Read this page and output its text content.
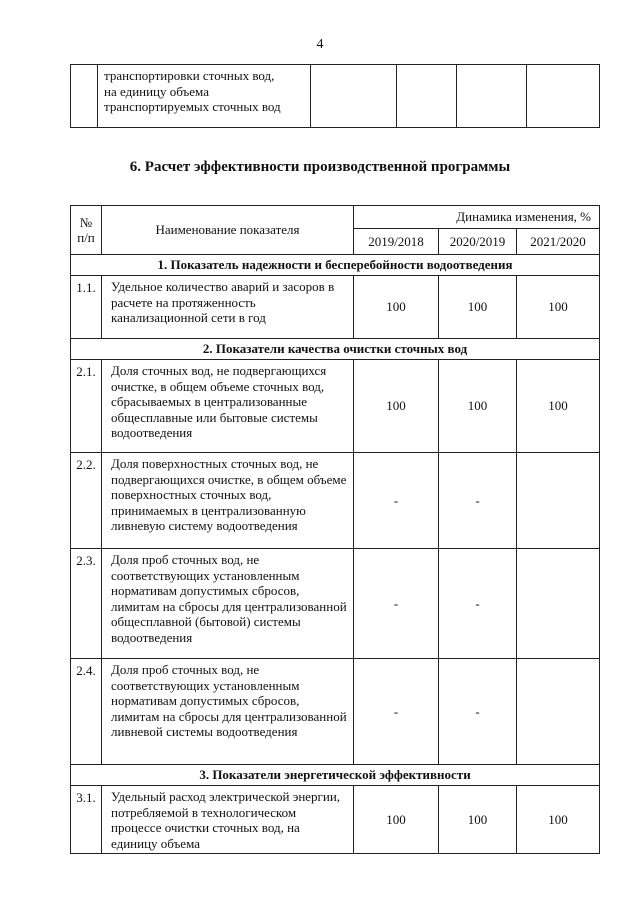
4

транспортировки сточных вод,
на единицу объема
транспортируемых сточных вод

6. Расчет эффективности производственной программы
№
п/п	Наименование показателя	Динамика изменения, %		
		2019/2018	2020/2019	2021/2020
1. Показатель надежности и бесперебойности водоотведения				
1.1.	Удельное количество аварий и засоров в расчете на протяженность канализационной сети в год	100	100	100
2. Показатели качества очистки сточных вод				
2.1.	Доля сточных вод, не подвергающихся очистке, в общем объеме сточных вод, сбрасываемых в централизованные общесплавные или бытовые системы водоотведения	100	100	100
2.2.	Доля поверхностных сточных вод, не подвергающихся очистке, в общем объеме поверхностных сточных вод, принимаемых в централизованную ливневую систему водоотведения	-	-	
2.3.	Доля проб сточных вод, не соответствующих установленным нормативам допустимых сбросов, лимитам на сбросы для централизованной общесплавной (бытовой) системы водоотведения	-	-	
2.4.	Доля проб сточных вод, не соответствующих установленным нормативам допустимых сбросов, лимитам на сбросы для централизованной ливневой системы водоотведения	-	-	
3. Показатели энергетической эффективности				
3.1.	Удельный расход электрической энергии, потребляемой в технологическом процессе очистки сточных вод, на единицу объема	100	100	100
